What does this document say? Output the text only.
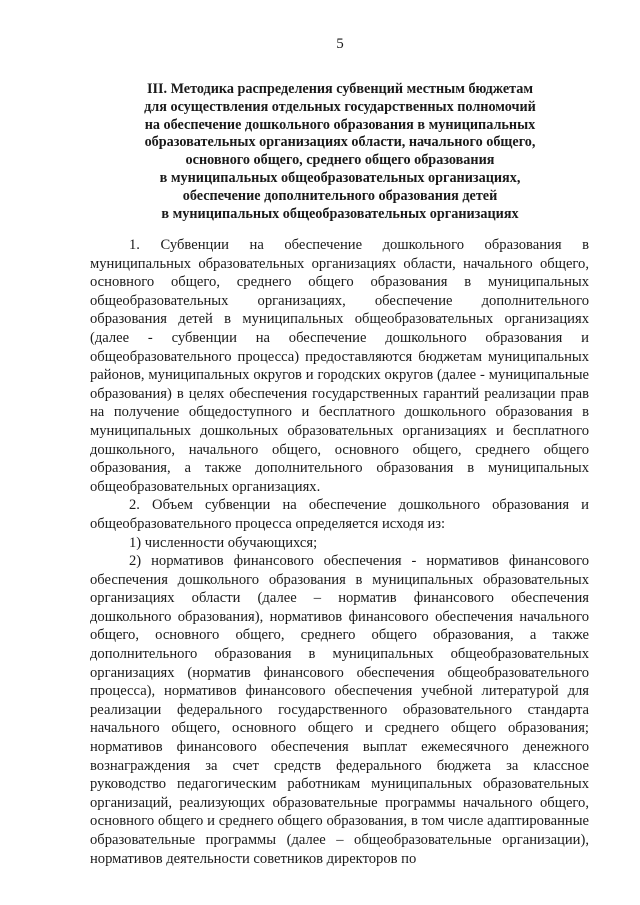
5
III. Методика распределения субвенций местным бюджетам
для осуществления отдельных государственных полномочий
на обеспечение дошкольного образования в муниципальных
образовательных организациях области, начального общего,
основного общего, среднего общего образования
в муниципальных общеобразовательных организациях,
обеспечение дополнительного образования детей
в муниципальных общеобразовательных организациях

1. Субвенции на обеспечение дошкольного образования в муниципальных образовательных организациях области, начального общего, основного общего, среднего общего образования в муниципальных общеобразовательных организациях, обеспечение дополнительного образования детей в муниципальных общеобразовательных организациях (далее - субвенции на обеспечение дошкольного образования и общеобразовательного процесса) предоставляются бюджетам муниципальных районов, муниципальных округов и городских округов (далее - муниципальные образования) в целях обеспечения государственных гарантий реализации прав на получение общедоступного и бесплатного дошкольного образования в муниципальных дошкольных образовательных организациях и бесплатного дошкольного, начального общего, основного общего, среднего общего образования, а также дополнительного образования в муниципальных общеобразовательных организациях.

2. Объем субвенции на обеспечение дошкольного образования и общеобразовательного процесса определяется исходя из:

1) численности обучающихся;

2) нормативов финансового обеспечения - нормативов финансового обеспечения дошкольного образования в муниципальных образовательных организациях области (далее – норматив финансового обеспечения дошкольного образования), нормативов финансового обеспечения начального общего, основного общего, среднего общего образования, а также дополнительного образования в муниципальных общеобразовательных организациях (норматив финансового обеспечения общеобразовательного процесса), нормативов финансового обеспечения учебной литературой для реализации федерального государственного образовательного стандарта начального общего, основного общего и среднего общего образования; нормативов финансового обеспечения выплат ежемесячного денежного вознаграждения за счет средств федерального бюджета за классное руководство педагогическим работникам муниципальных образовательных организаций, реализующих образовательные программы начального общего, основного общего и среднего общего образования, в том числе адаптированные образовательные программы (далее – общеобразовательные организации), нормативов деятельности советников директоров по
